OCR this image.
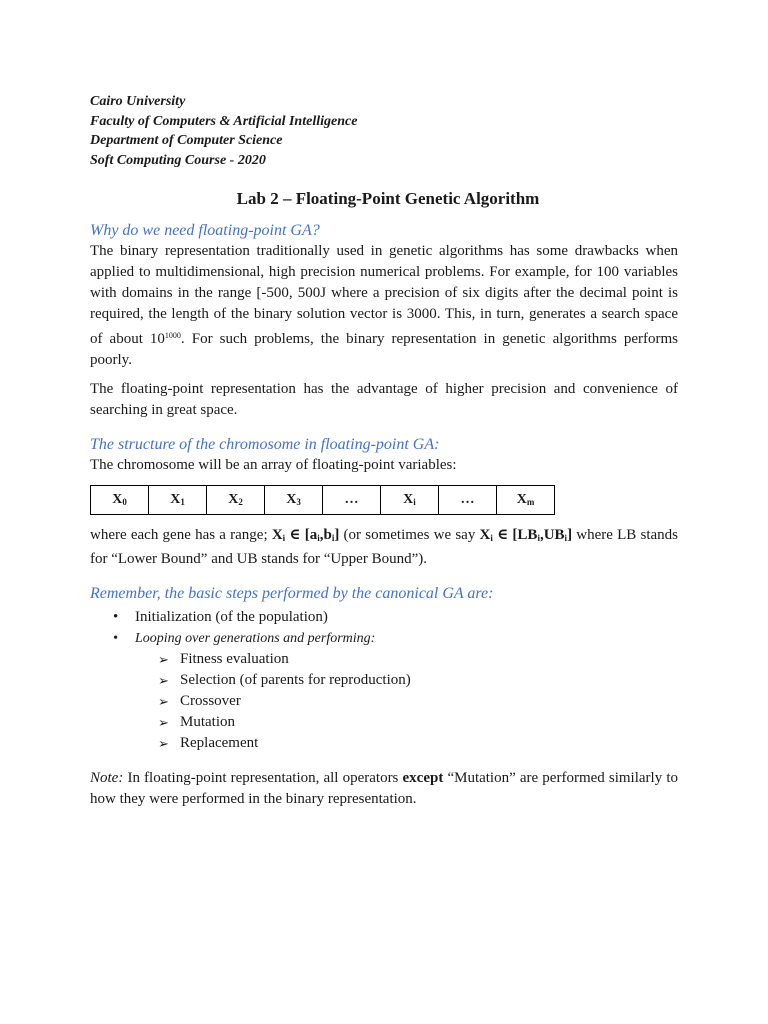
Cairo University
Faculty of Computers & Artificial Intelligence
Department of Computer Science
Soft Computing Course - 2020
Lab 2 – Floating-Point Genetic Algorithm
Why do we need floating-point GA?

The binary representation traditionally used in genetic algorithms has some drawbacks when applied to multidimensional, high precision numerical problems. For example, for 100 variables with domains in the range [-500, 500J where a precision of six digits after the decimal point is required, the length of the binary solution vector is 3000. This, in turn, generates a search space of about $10^{1000}$. For such problems, the binary representation in genetic algorithms performs poorly.

The floating-point representation has the advantage of higher precision and convenience of searching in great space.

The structure of the chromosome in floating-point GA:

The chromosome will be an array of floating-point variables:

$X_0$	$X_1$	$X_2$	$X_3$	…	$X_i$	…	$X_m$

where each gene has a range; $X_i$ ∈ $[a_i,b_i]$ (or sometimes we say $X_i$ ∈ $[LB_i,UB_i]$ where LB stands for “Lower Bound” and UB stands for “Upper Bound”).

Remember, the basic steps performed by the canonical GA are:
• Initialization (of the population)
• Looping over generations and performing:
➢ Fitness evaluation
➢ Selection (of parents for reproduction)
➢ Crossover
➢ Mutation
➢ Replacement

Note: In floating-point representation, all operators except “Mutation” are performed similarly to how they were performed in the binary representation.
